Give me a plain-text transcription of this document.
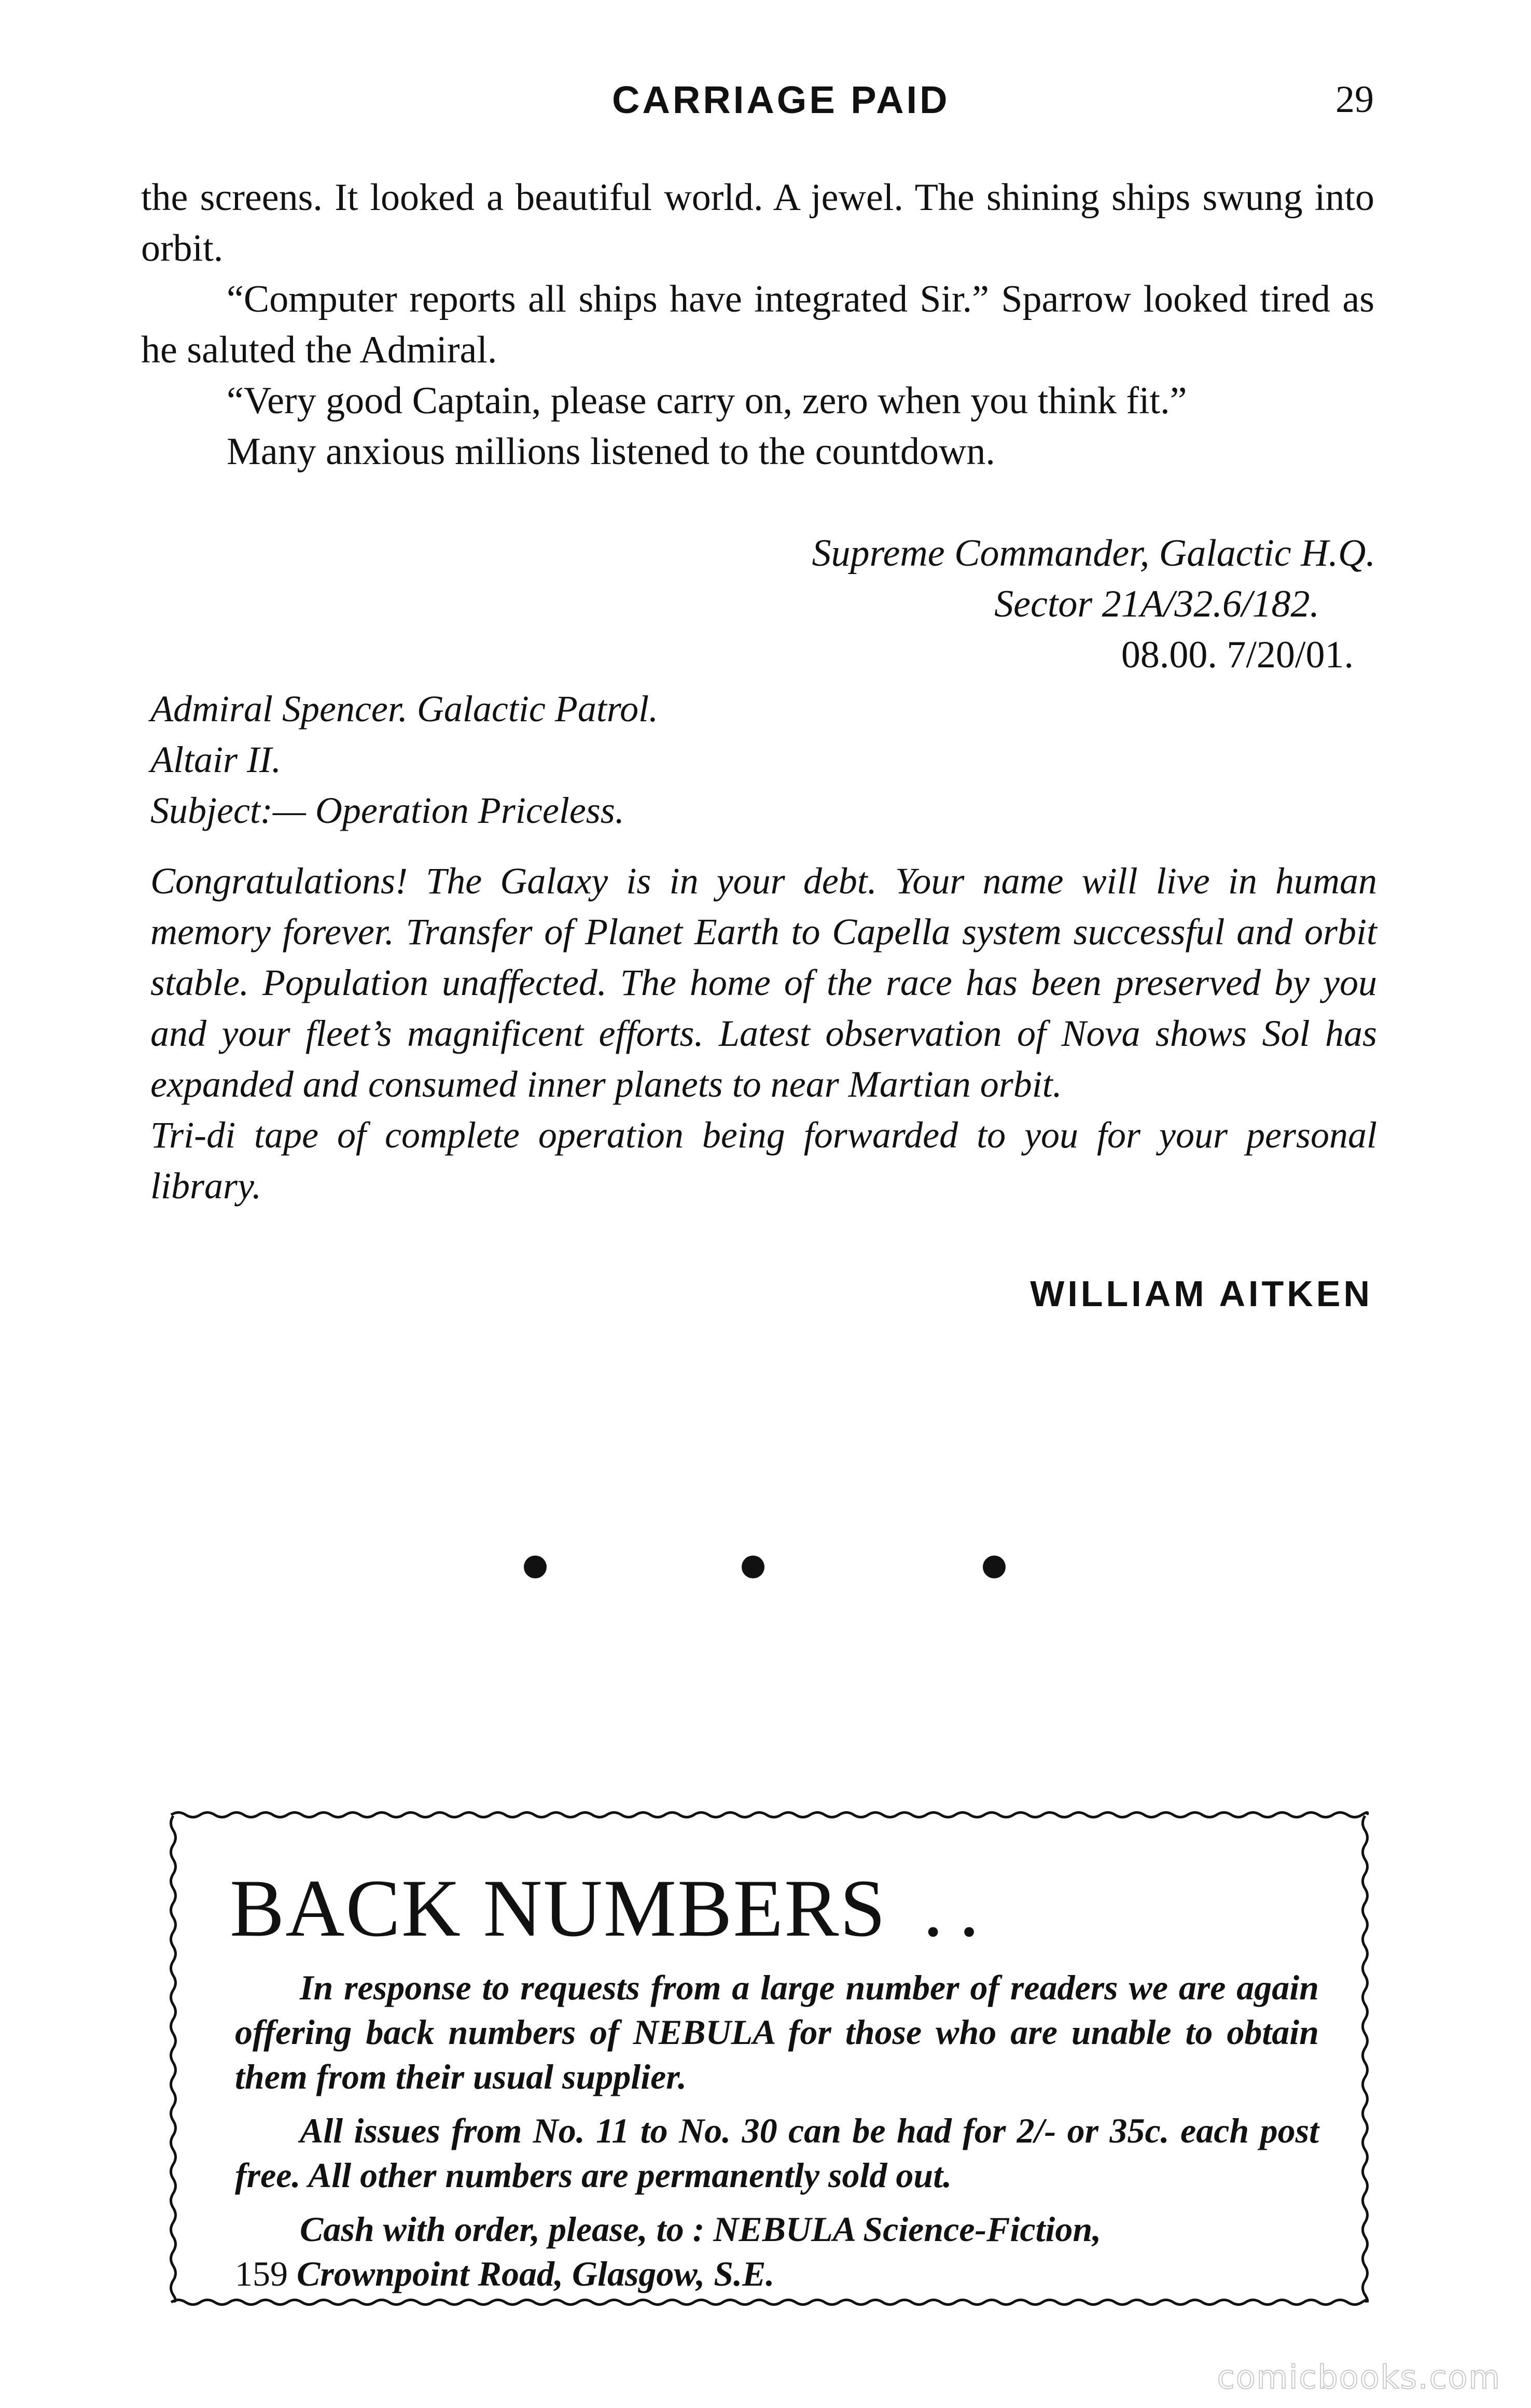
CARRIAGE PAID	29

the screens. It looked a beautiful world. A jewel. The shining ships swung into orbit.

“Computer reports all ships have integrated Sir.” Sparrow looked tired as he saluted the Admiral.

“Very good Captain, please carry on, zero when you think fit.”

Many anxious millions listened to the countdown.

Supreme Commander, Galactic H.Q.
Sector 21A/32.6/182.
08.00. 7/20/01.

Admiral Spencer. Galactic Patrol.

Altair II.

Subject:— Operation Priceless.

Congratulations! The Galaxy is in your debt. Your name will live in human memory forever. Transfer of Planet Earth to Capella system successful and orbit stable. Population unaffected. The home of the race has been preserved by you and your fleet’s magnificent efforts. Latest observation of Nova shows Sol has expanded and consumed inner planets to near Martian orbit.

Tri-di tape of complete operation being forwarded to you for your personal library.

WILLIAM AITKEN
BACK NUMBERS ..

In response to requests from a large number of readers we are again offering back numbers of NEBULA for those who are unable to obtain them from their usual supplier.

All issues from No. 11 to No. 30 can be had for 2/- or 35c. each post free. All other numbers are permanently sold out.

Cash with order, please, to : NEBULA Science-Fiction,

159 Crownpoint Road, Glasgow, S.E.

comicbooks.com
